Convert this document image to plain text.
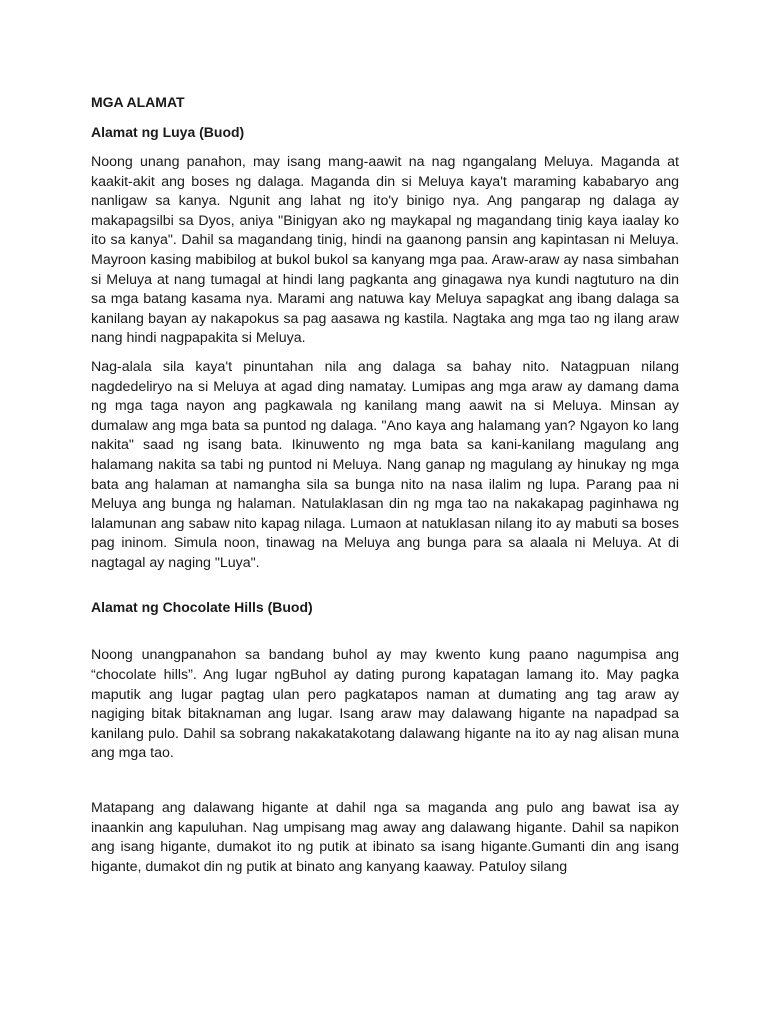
MGA ALAMAT
Alamat ng Luya (Buod)

Noong unang panahon, may isang mang-aawit na nag ngangalang Meluya. Maganda at kaakit-akit ang boses ng dalaga. Maganda din si Meluya kaya't maraming kababaryo ang nanligaw sa kanya. Ngunit ang lahat ng ito'y binigo nya. Ang pangarap ng dalaga ay makapagsilbi sa Dyos, aniya "Binigyan ako ng maykapal ng magandang tinig kaya iaalay ko ito sa kanya". Dahil sa magandang tinig, hindi na gaanong pansin ang kapintasan ni Meluya. Mayroon kasing mabibilog at bukol bukol sa kanyang mga paa. Araw-araw ay nasa simbahan si Meluya at nang tumagal at hindi lang pagkanta ang ginagawa nya kundi nagtuturo na din sa mga batang kasama nya. Marami ang natuwa kay Meluya sapagkat ang ibang dalaga sa kanilang bayan ay nakapokus sa pag aasawa ng kastila. Nagtaka ang mga tao ng ilang araw nang hindi nagpapakita si Meluya.

Nag-alala sila kaya't pinuntahan nila ang dalaga sa bahay nito. Natagpuan nilang nagdedeliryo na si Meluya at agad ding namatay. Lumipas ang mga araw ay damang dama ng mga taga nayon ang pagkawala ng kanilang mang aawit na si Meluya. Minsan ay dumalaw ang mga bata sa puntod ng dalaga. "Ano kaya ang halamang yan? Ngayon ko lang nakita" saad ng isang bata. Ikinuwento ng mga bata sa kani-kanilang magulang ang halamang nakita sa tabi ng puntod ni Meluya. Nang ganap ng magulang ay hinukay ng mga bata ang halaman at namangha sila sa bunga nito na nasa ilalim ng lupa. Parang paa ni Meluya ang bunga ng halaman. Natulaklasan din ng mga tao na nakakapag paginhawa ng lalamunan ang sabaw nito kapag nilaga. Lumaon at natuklasan nilang ito ay mabuti sa boses pag ininom. Simula noon, tinawag na Meluya ang bunga para sa alaala ni Meluya. At di nagtagal ay naging "Luya".

Alamat ng Chocolate Hills (Buod)

Noong unangpanahon sa bandang buhol ay may kwento kung paano nagumpisa ang “chocolate hills”. Ang lugar ngBuhol ay dating purong kapatagan lamang ito. May pagka maputik ang lugar pagtag ulan pero pagkatapos naman at dumating ang tag araw ay nagiging bitak bitaknaman ang lugar. Isang araw may dalawang higante na napadpad sa kanilang pulo. Dahil sa sobrang nakakatakotang dalawang higante na ito ay nag alisan muna ang mga tao.

Matapang ang dalawang higante at dahil nga sa maganda ang pulo ang bawat isa ay inaankin ang kapuluhan. Nag umpisang mag away ang dalawang higante. Dahil sa napikon ang isang higante, dumakot ito ng putik at ibinato sa isang higante.Gumanti din ang isang higante, dumakot din ng putik at binato ang kanyang kaaway. Patuloy silang
